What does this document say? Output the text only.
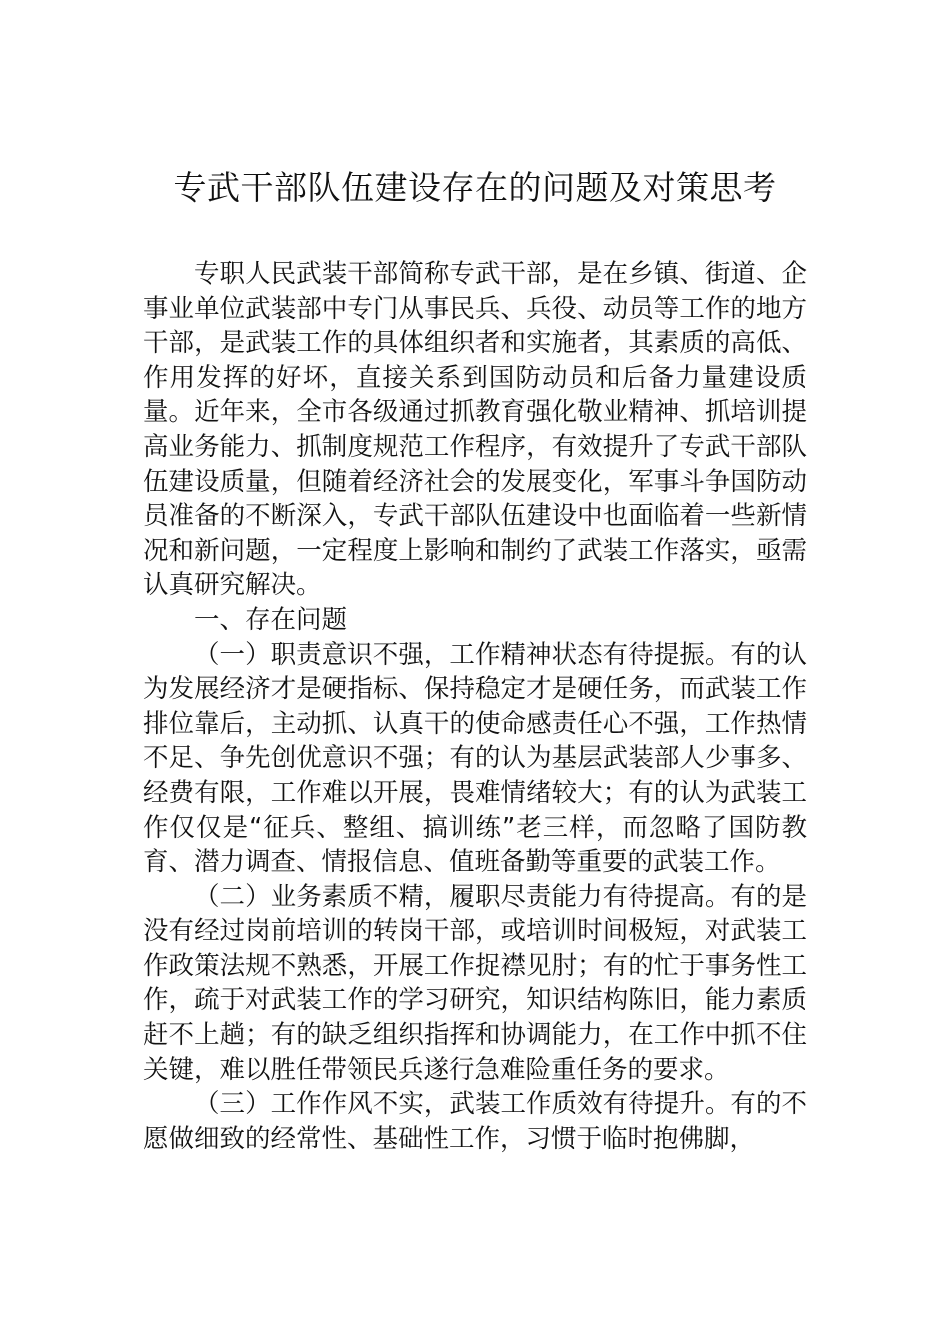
专武干部队伍建设存在的问题及对策思考

专职人民武装干部简称专武干部，是在乡镇、街道、企事业单位武装部中专门从事民兵、兵役、动员等工作的地方干部，是武装工作的具体组织者和实施者，其素质的高低、作用发挥的好坏，直接关系到国防动员和后备力量建设质量。近年来，全市各级通过抓教育强化敬业精神、抓培训提高业务能力、抓制度规范工作程序，有效提升了专武干部队伍建设质量，但随着经济社会的发展变化，军事斗争国防动员准备的不断深入，专武干部队伍建设中也面临着一些新情况和新问题，一定程度上影响和制约了武装工作落实，亟需认真研究解决。

一、存在问题

（一）职责意识不强，工作精神状态有待提振。有的认为发展经济才是硬指标、保持稳定才是硬任务，而武装工作排位靠后，主动抓、认真干的使命感责任心不强，工作热情不足、争先创优意识不强；有的认为基层武装部人少事多、经费有限，工作难以开展，畏难情绪较大；有的认为武装工作仅仅是“征兵、整组、搞训练”老三样，而忽略了国防教育、潜力调查、情报信息、值班备勤等重要的武装工作。

（二）业务素质不精，履职尽责能力有待提高。有的是没有经过岗前培训的转岗干部，或培训时间极短，对武装工作政策法规不熟悉，开展工作捉襟见肘；有的忙于事务性工作，疏于对武装工作的学习研究，知识结构陈旧，能力素质赶不上趟；有的缺乏组织指挥和协调能力，在工作中抓不住关键，难以胜任带领民兵遂行急难险重任务的要求。

（三）工作作风不实，武装工作质效有待提升。有的不愿做细致的经常性、基础性工作，习惯于临时抱佛脚，
